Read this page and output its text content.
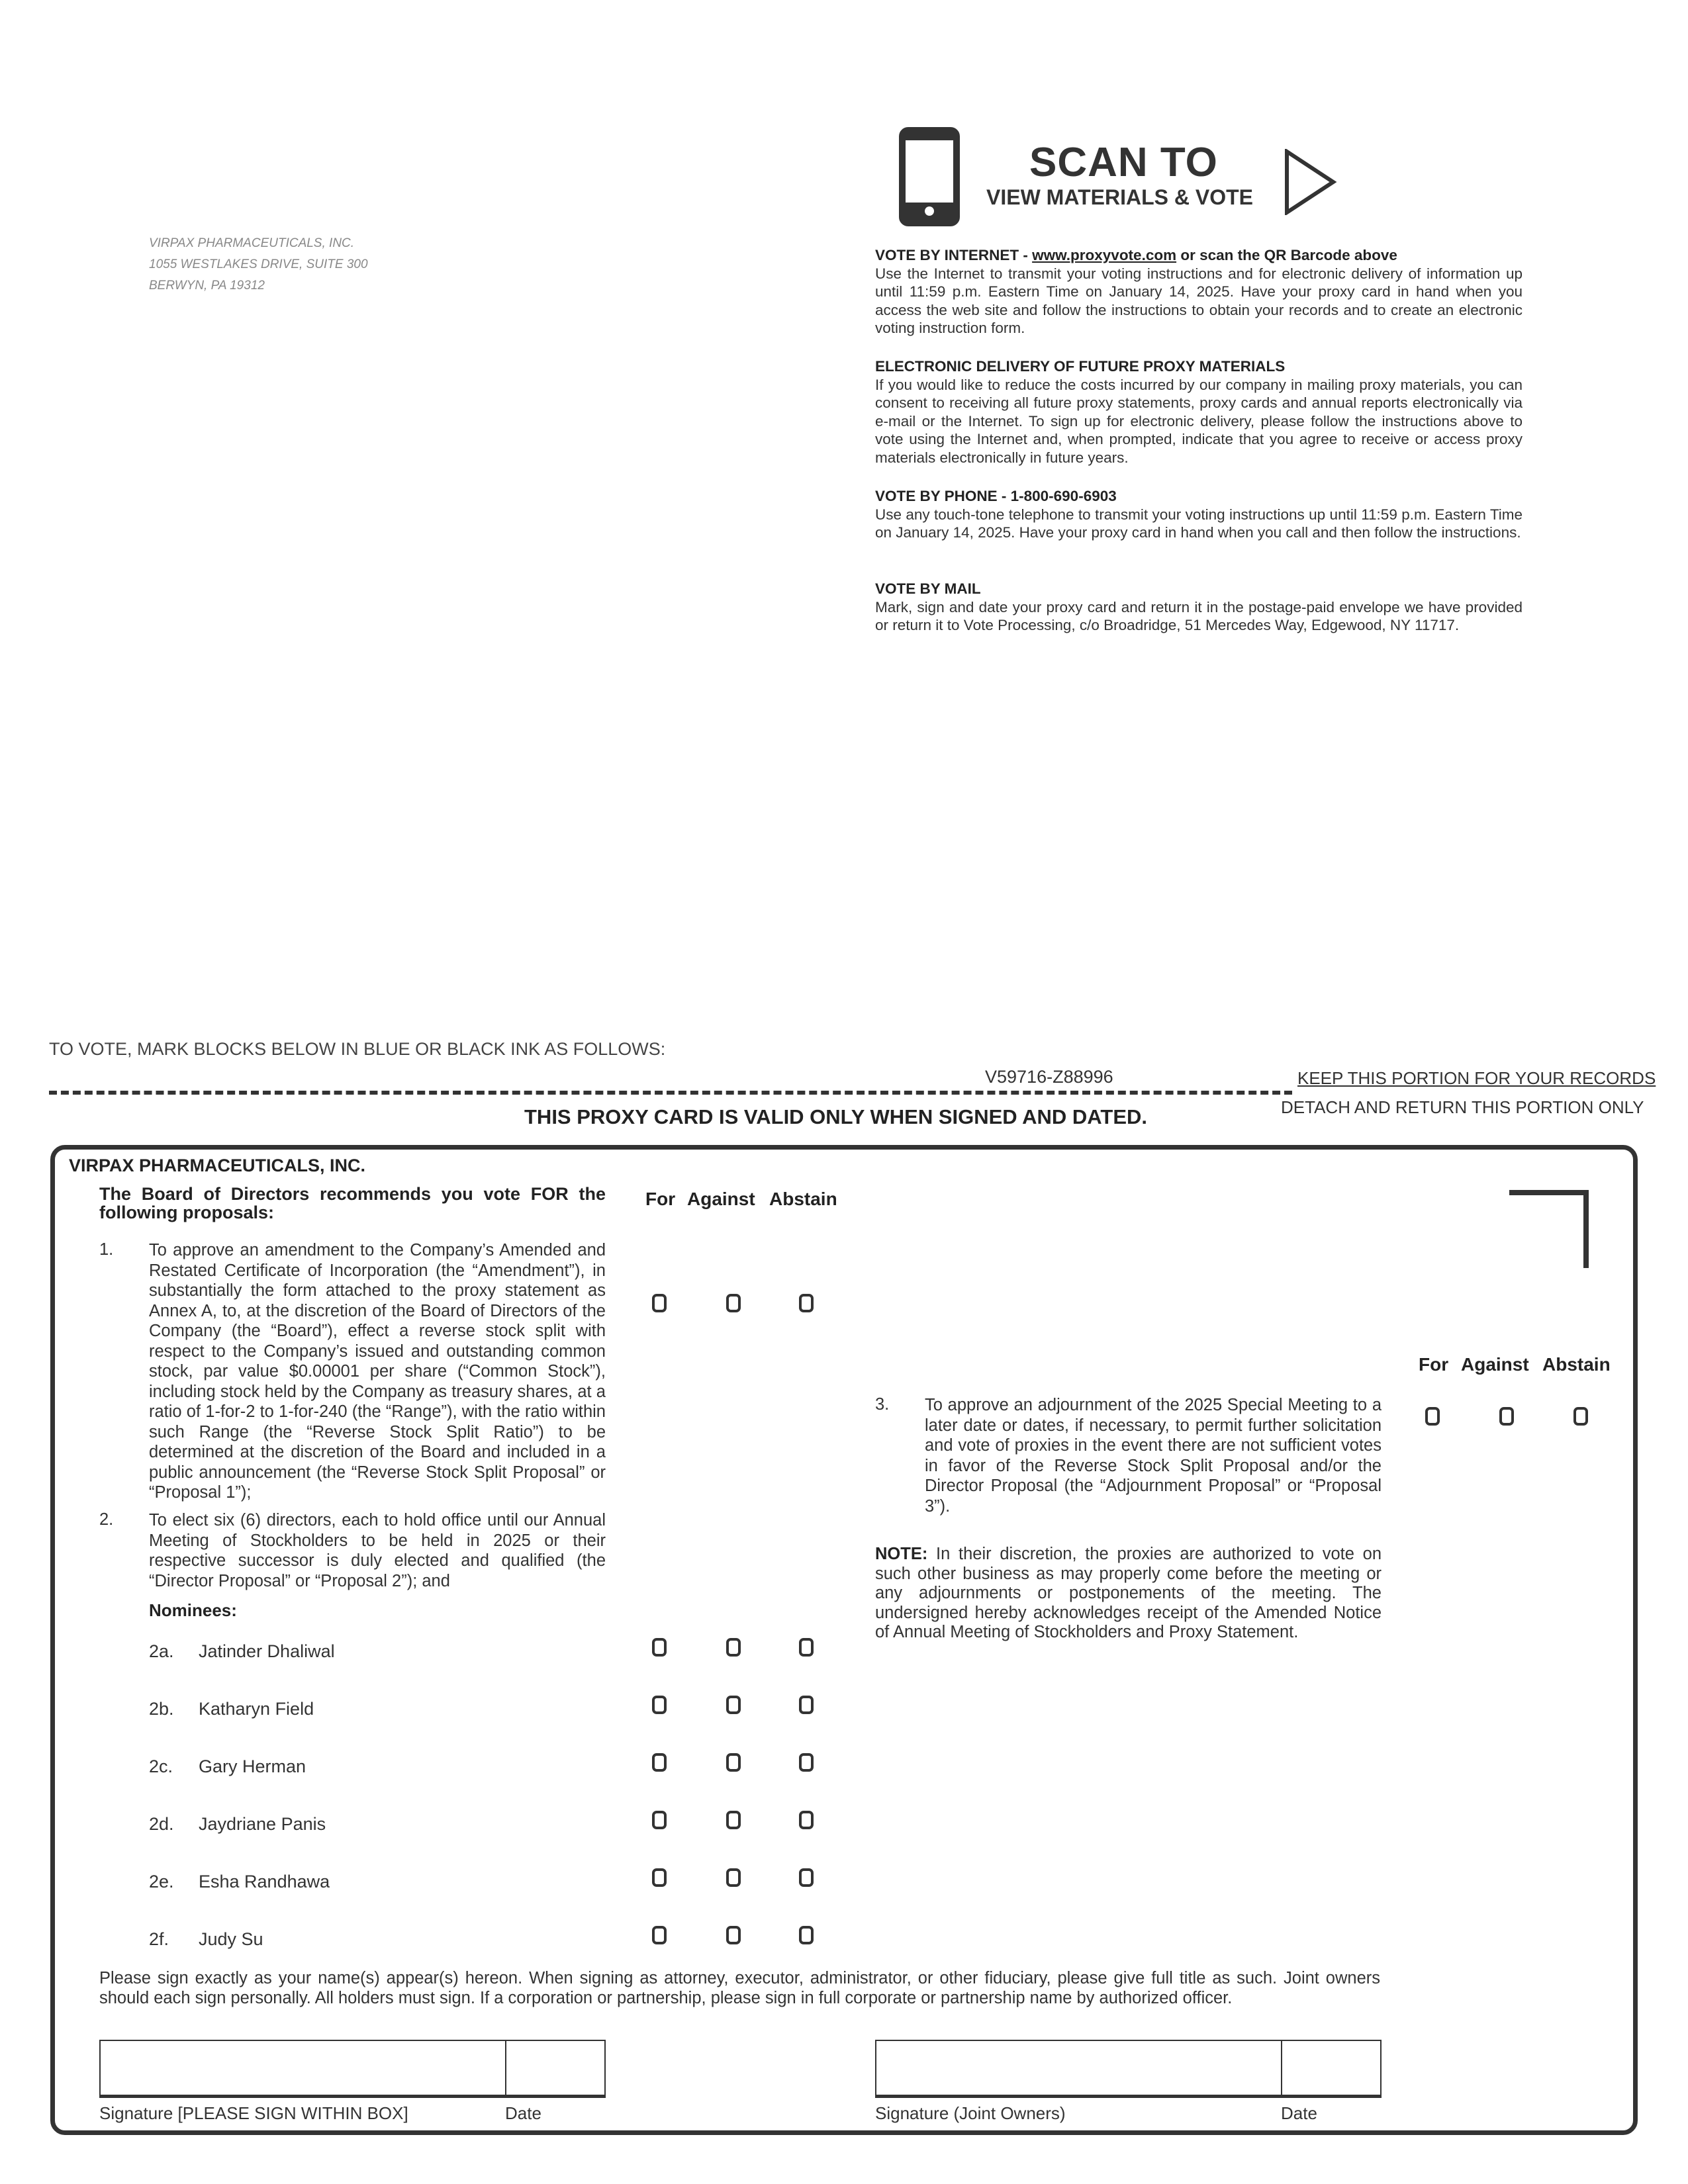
VIRPAX PHARMACEUTICALS, INC.
1055 WESTLAKES DRIVE, SUITE 300
BERWYN, PA 19312
SCAN TO
VIEW MATERIALS & VOTE
VOTE BY INTERNET - www.proxyvote.com or scan the QR Barcode above
Use the Internet to transmit your voting instructions and for electronic delivery of information up until 11:59 p.m. Eastern Time on January 14, 2025. Have your proxy card in hand when you access the web site and follow the instructions to obtain your records and to create an electronic voting instruction form.
ELECTRONIC DELIVERY OF FUTURE PROXY MATERIALS
If you would like to reduce the costs incurred by our company in mailing proxy materials, you can consent to receiving all future proxy statements, proxy cards and annual reports electronically via e-mail or the Internet. To sign up for electronic delivery, please follow the instructions above to vote using the Internet and, when prompted, indicate that you agree to receive or access proxy materials electronically in future years.
VOTE BY PHONE - 1-800-690-6903
Use any touch-tone telephone to transmit your voting instructions up until 11:59 p.m. Eastern Time on January 14, 2025. Have your proxy card in hand when you call and then follow the instructions.
VOTE BY MAIL
Mark, sign and date your proxy card and return it in the postage-paid envelope we have provided or return it to Vote Processing, c/o Broadridge, 51 Mercedes Way, Edgewood, NY 11717.
TO VOTE, MARK BLOCKS BELOW IN BLUE OR BLACK INK AS FOLLOWS:
V59716-Z88996	KEEP THIS PORTION FOR YOUR RECORDS
DETACH AND RETURN THIS PORTION ONLY
THIS PROXY CARD IS VALID ONLY WHEN SIGNED AND DATED.
VIRPAX PHARMACEUTICALS, INC.
The Board of Directors recommends you vote FOR the following proposals:
For Against Abstain
For Against Abstain
1. To approve an amendment to the Company’s Amended and Restated Certificate of Incorporation (the “Amendment”), in substantially the form attached to the proxy statement as Annex A, to, at the discretion of the Board of Directors of the Company (the “Board”), effect a reverse stock split with respect to the Company’s issued and outstanding common stock, par value $0.00001 per share (“Common Stock”), including stock held by the Company as treasury shares, at a ratio of 1-for-2 to 1-for-240 (the “Range”), with the ratio within such Range (the “Reverse Stock Split Ratio”) to be determined at the discretion of the Board and included in a public announcement (the “Reverse Stock Split Proposal” or “Proposal 1”);
2. To elect six (6) directors, each to hold office until our Annual Meeting of Stockholders to be held in 2025 or their respective successor is duly elected and qualified (the “Director Proposal” or “Proposal 2”); and
Nominees:
2a. Jatinder Dhaliwal
2b. Katharyn Field
2c. Gary Herman
2d. Jaydriane Panis
2e. Esha Randhawa
2f. Judy Su
3. To approve an adjournment of the 2025 Special Meeting to a later date or dates, if necessary, to permit further solicitation and vote of proxies in the event there are not sufficient votes in favor of the Reverse Stock Split Proposal and/or the Director Proposal (the “Adjournment Proposal” or “Proposal 3”).
NOTE: In their discretion, the proxies are authorized to vote on such other business as may properly come before the meeting or any adjournments or postponements of the meeting. The undersigned hereby acknowledges receipt of the Amended Notice of Annual Meeting of Stockholders and Proxy Statement.
Please sign exactly as your name(s) appear(s) hereon. When signing as attorney, executor, administrator, or other fiduciary, please give full title as such. Joint owners should each sign personally. All holders must sign. If a corporation or partnership, please sign in full corporate or partnership name by authorized officer.
Signature [PLEASE SIGN WITHIN BOX]	Date	Signature (Joint Owners)	Date
